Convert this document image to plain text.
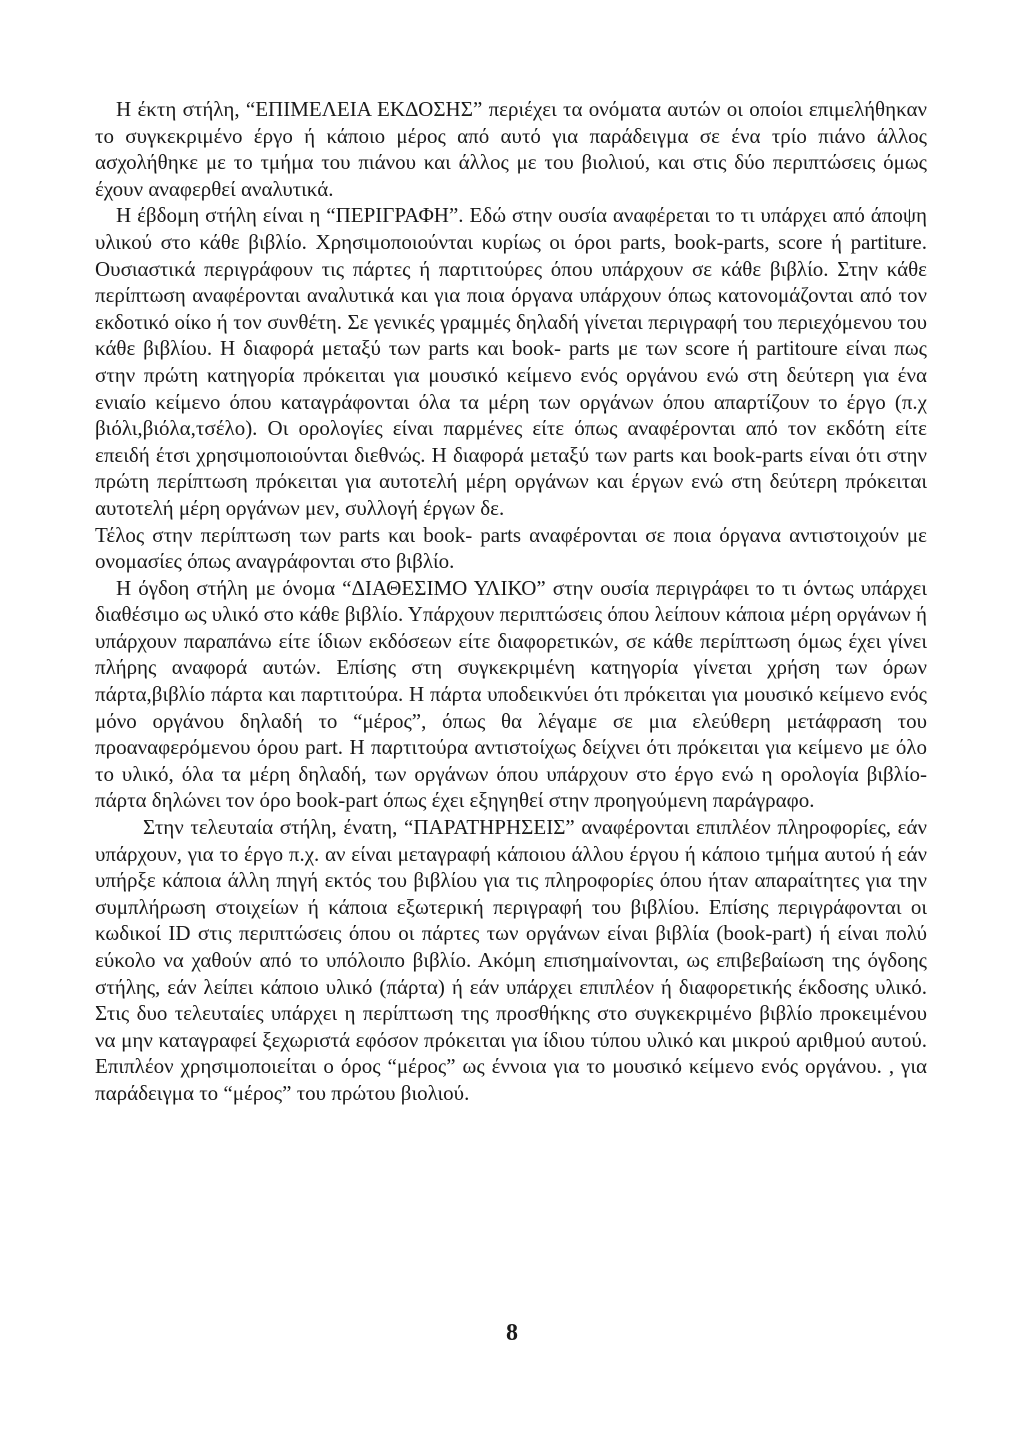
Η έκτη στήλη, “ΕΠΙΜΕΛΕΙΑ ΕΚΔΟΣΗΣ” περιέχει τα ονόματα αυτών οι οποίοι επιμελήθηκαν το συγκεκριμένο έργο ή κάποιο μέρος από αυτό για παράδειγμα σε ένα τρίο πιάνο άλλος ασχολήθηκε με το τμήμα του πιάνου και άλλος με του βιολιού, και στις δύο περιπτώσεις όμως έχουν αναφερθεί αναλυτικά.

Η έβδομη στήλη είναι η “ΠΕΡΙΓΡΑΦΗ”. Εδώ στην ουσία αναφέρεται το τι υπάρχει από άποψη υλικού στο κάθε βιβλίο. Χρησιμοποιούνται κυρίως οι όροι parts, book-parts, score ή partiture. Ουσιαστικά περιγράφουν τις πάρτες ή παρτιτούρες όπου υπάρχουν σε κάθε βιβλίο. Στην κάθε περίπτωση αναφέρονται αναλυτικά και για ποια όργανα υπάρχουν όπως κατονομάζονται από τον εκδοτικό οίκο ή τον συνθέτη. Σε γενικές γραμμές δηλαδή γίνεται περιγραφή του περιεχόμενου του κάθε βιβλίου. Η διαφορά μεταξύ των parts και book- parts με των score ή partitoure είναι πως στην πρώτη κατηγορία πρόκειται για μουσικό κείμενο ενός οργάνου ενώ στη δεύτερη για ένα ενιαίο κείμενο όπου καταγράφονται όλα τα μέρη των οργάνων όπου απαρτίζουν το έργο (π.χ βιόλι,βιόλα,τσέλο). Οι ορολογίες είναι παρμένες είτε όπως αναφέρονται από τον εκδότη είτε επειδή έτσι χρησιμοποιούνται διεθνώς. Η διαφορά μεταξύ των parts και book-parts είναι ότι στην πρώτη περίπτωση πρόκειται για αυτοτελή μέρη οργάνων και έργων ενώ στη δεύτερη πρόκειται αυτοτελή μέρη οργάνων μεν, συλλογή έργων δε.

Τέλος στην περίπτωση των parts και book- parts αναφέρονται σε ποια όργανα αντιστοιχούν με ονομασίες όπως αναγράφονται στο βιβλίο.

Η όγδοη στήλη με όνομα “ΔΙΑΘΕΣΙΜΟ ΥΛΙΚΟ” στην ουσία περιγράφει το τι όντως υπάρχει διαθέσιμο ως υλικό στο κάθε βιβλίο. Υπάρχουν περιπτώσεις όπου λείπουν κάποια μέρη οργάνων ή υπάρχουν παραπάνω είτε ίδιων εκδόσεων είτε διαφορετικών, σε κάθε περίπτωση όμως έχει γίνει πλήρης αναφορά αυτών. Επίσης στη συγκεκριμένη κατηγορία γίνεται χρήση των όρων πάρτα,βιβλίο πάρτα και παρτιτούρα. Η πάρτα υποδεικνύει ότι πρόκειται για μουσικό κείμενο ενός μόνο οργάνου δηλαδή το “μέρος”, όπως θα λέγαμε σε μια ελεύθερη μετάφραση του προαναφερόμενου όρου part. Η παρτιτούρα αντιστοίχως δείχνει ότι πρόκειται για κείμενο με όλο το υλικό, όλα τα μέρη δηλαδή, των οργάνων όπου υπάρχουν στο έργο ενώ η ορολογία βιβλίο-πάρτα δηλώνει τον όρο book-part όπως έχει εξηγηθεί στην προηγούμενη παράγραφο.

Στην τελευταία στήλη, ένατη, “ΠΑΡΑΤΗΡΗΣΕΙΣ” αναφέρονται επιπλέον πληροφορίες, εάν υπάρχουν, για το έργο π.χ. αν είναι μεταγραφή κάποιου άλλου έργου ή κάποιο τμήμα αυτού ή εάν υπήρξε κάποια άλλη πηγή εκτός του βιβλίου για τις πληροφορίες όπου ήταν απαραίτητες για την συμπλήρωση στοιχείων ή κάποια εξωτερική περιγραφή του βιβλίου. Επίσης περιγράφονται οι κωδικοί ID στις περιπτώσεις όπου οι πάρτες των οργάνων είναι βιβλία (book-part) ή είναι πολύ εύκολο να χαθούν από το υπόλοιπο βιβλίο. Ακόμη επισημαίνονται, ως επιβεβαίωση της όγδοης στήλης, εάν λείπει κάποιο υλικό (πάρτα) ή εάν υπάρχει επιπλέον ή διαφορετικής έκδοσης υλικό. Στις δυο τελευταίες υπάρχει η περίπτωση της προσθήκης στο συγκεκριμένο βιβλίο προκειμένου να μην καταγραφεί ξεχωριστά εφόσον πρόκειται για ίδιου τύπου υλικό και μικρού αριθμού αυτού. Επιπλέον χρησιμοποιείται ο όρος “μέρος” ως έννοια για το μουσικό κείμενο ενός οργάνου. , για παράδειγμα το “μέρος” του πρώτου βιολιού.

8
